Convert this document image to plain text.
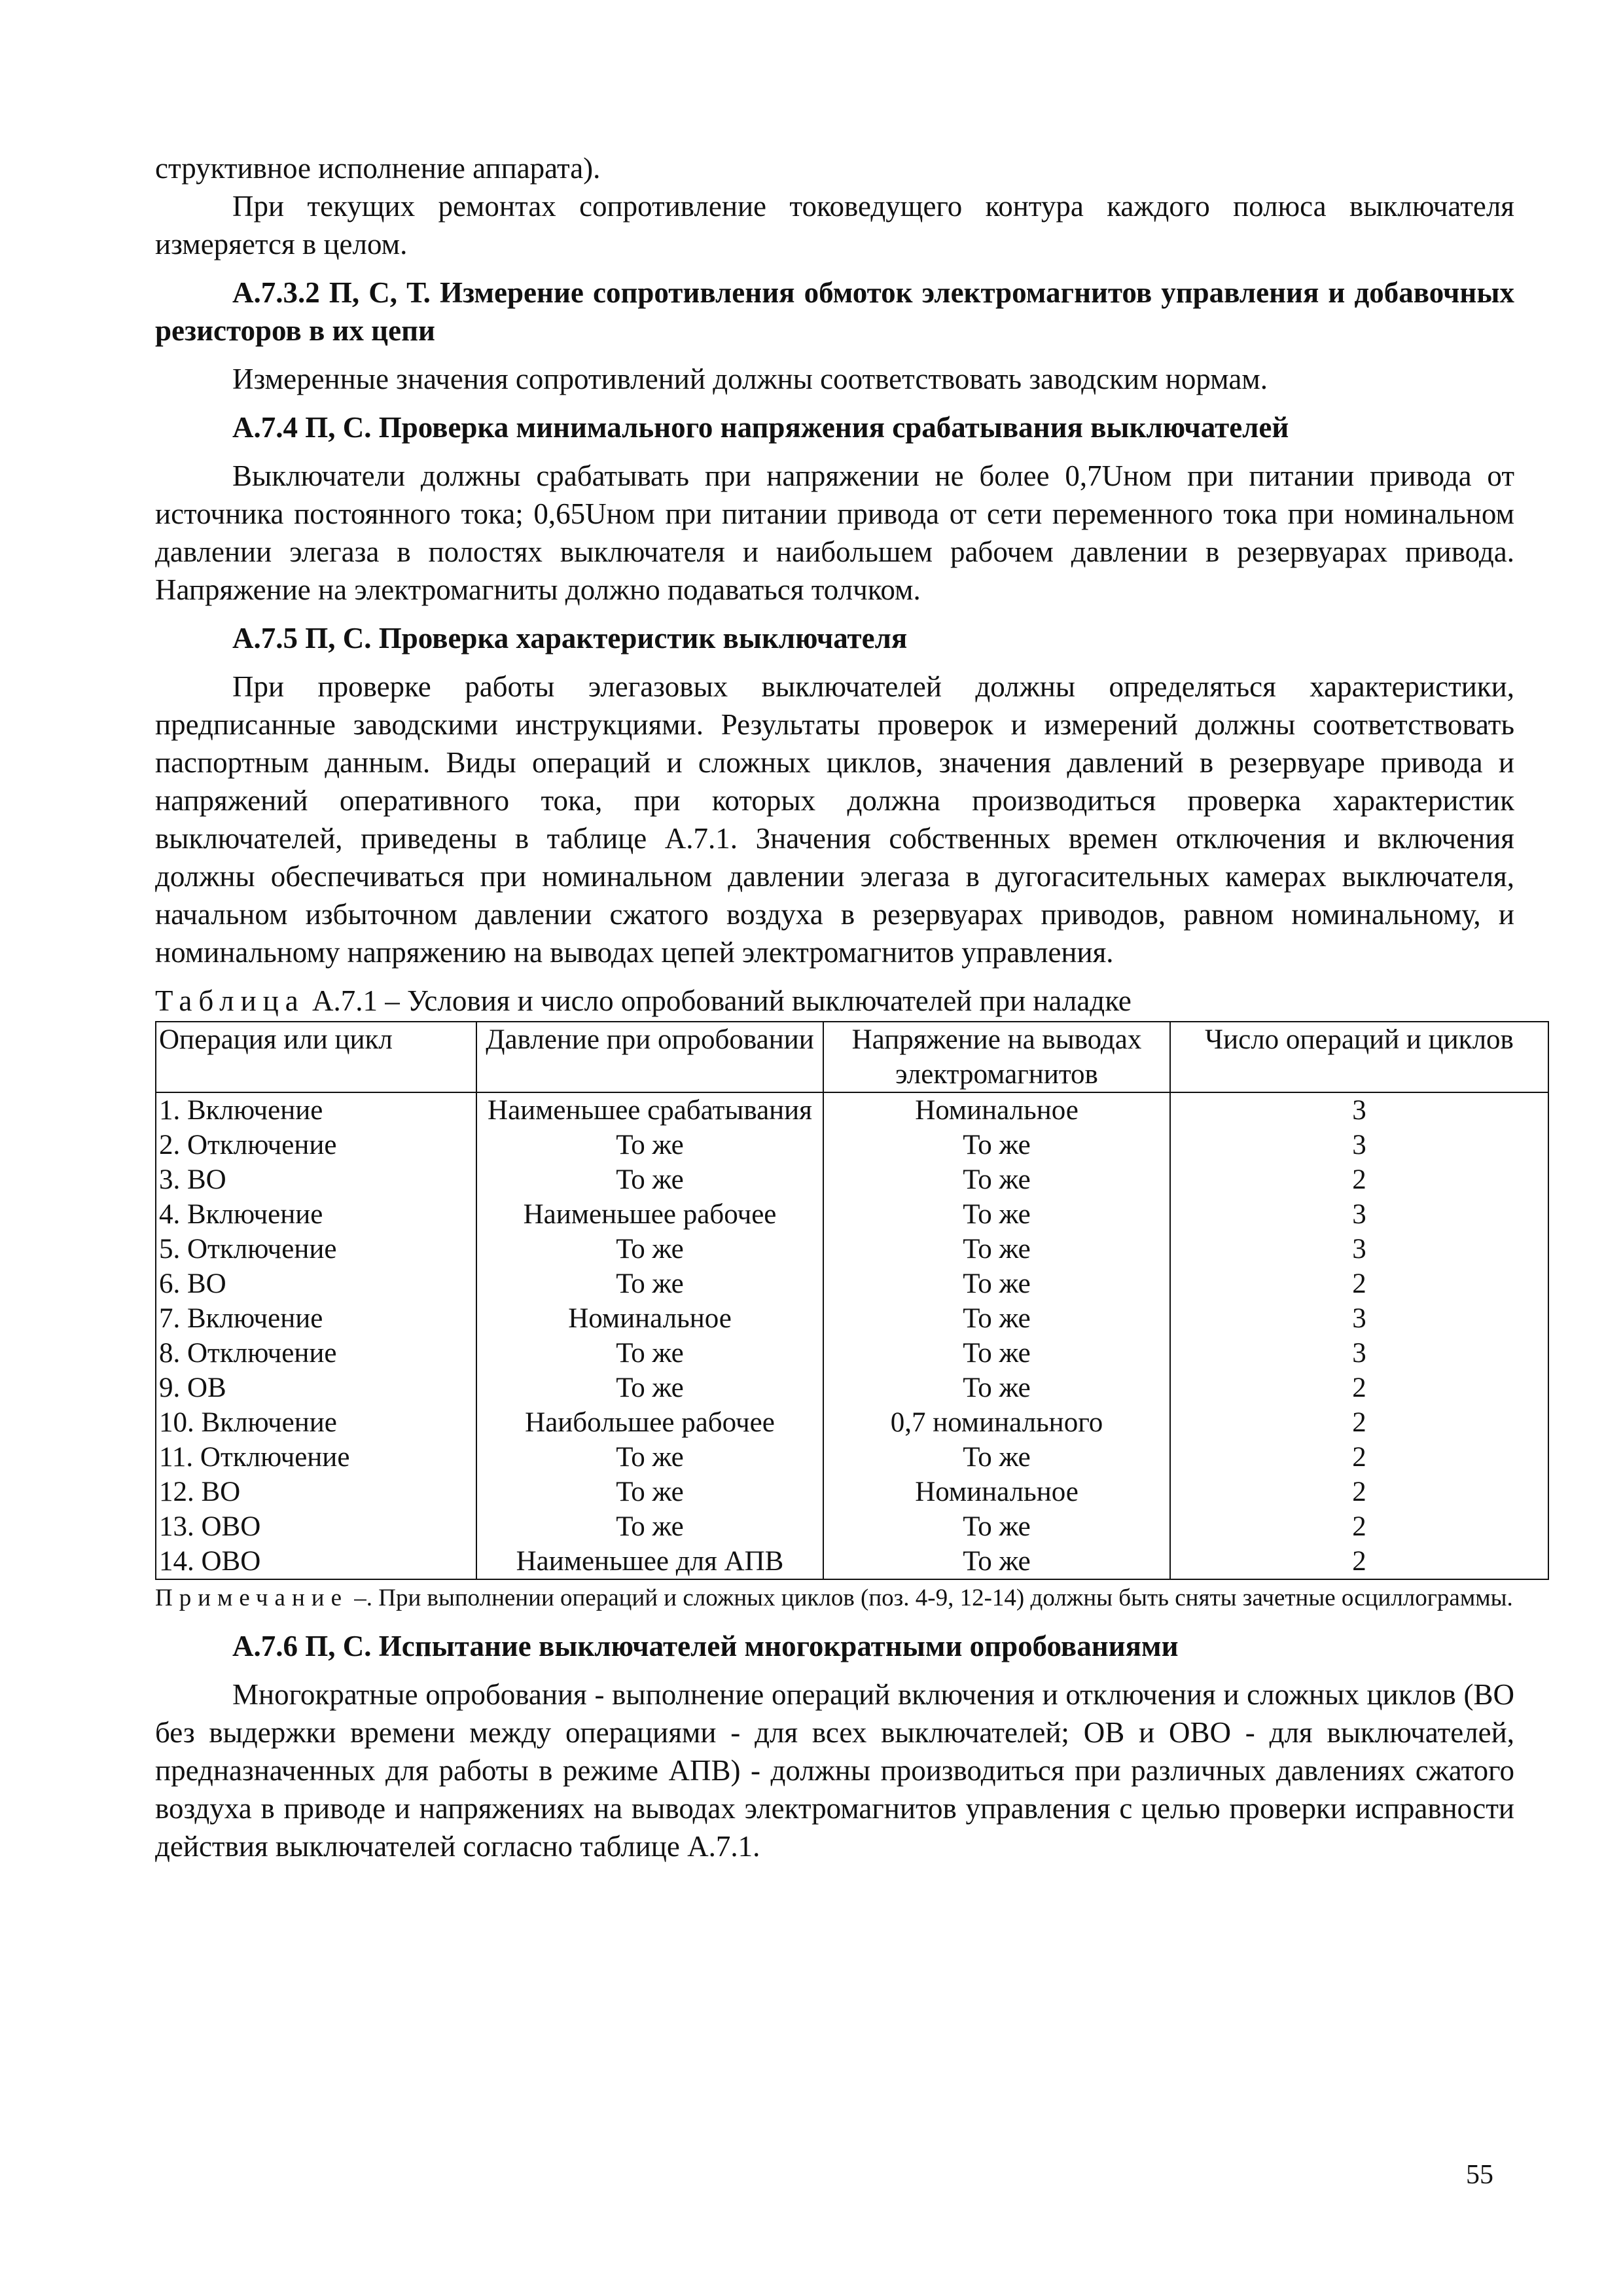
структивное исполнение аппарата).

При текущих ремонтах сопротивление токоведущего контура каждого полюса выключателя измеряется в целом.

А.7.3.2 П, С, Т. Измерение сопротивления обмоток электромагнитов управления и добавочных резисторов в их цепи

Измеренные значения сопротивлений должны соответствовать заводским нормам.

А.7.4 П, С. Проверка минимального напряжения срабатывания выключателей

Выключатели должны срабатывать при напряжении не более 0,7Uном при питании привода от источника постоянного тока; 0,65Uном при питании привода от сети переменного тока при номинальном давлении элегаза в полостях выключателя и наибольшем рабочем давлении в резервуарах привода. Напряжение на электромагниты должно подаваться толчком.

А.7.5 П, С. Проверка характеристик выключателя

При проверке работы элегазовых выключателей должны определяться характеристики, предписанные заводскими инструкциями. Результаты проверок и измерений должны соответствовать паспортным данным. Виды операций и сложных циклов, значения давлений в резервуаре привода и напряжений оперативного тока, при которых должна производиться проверка характеристик выключателей, приведены в таблице А.7.1. Значения собственных времен отключения и включения должны обеспечиваться при номинальном давлении элегаза в дугогасительных камерах выключателя, начальном избыточном давлении сжатого воздуха в резервуарах приводов, равном номинальному, и номинальному напряжению на выводах цепей электромагнитов управления.

Таблица А.7.1 – Условия и число опробований выключателей при наладке

Операция или цикл	Давление при опробовании	Напряжение на выводах электромагнитов	Число операций и циклов
1. Включение	Наименьшее срабатывания	Номинальное	3
2. Отключение	То же	То же	3
3. ВО	То же	То же	2
4. Включение	Наименьшее рабочее	То же	3
5. Отключение	То же	То же	3
6. ВО	То же	То же	2
7. Включение	Номинальное	То же	3
8. Отключение	То же	То же	3
9. ОВ	То же	То же	2
10. Включение	Наибольшее рабочее	0,7 номинального	2
11. Отключение	То же	То же	2
12. ВО	То же	Номинальное	2
13. ОВО	То же	То же	2
14. ОВО	Наименьшее для АПВ	То же	2

Примечание –. При выполнении операций и сложных циклов (поз. 4-9, 12-14) должны быть сняты зачетные осциллограммы.

А.7.6 П, С. Испытание выключателей многократными опробованиями

Многократные опробования - выполнение операций включения и отключения и сложных циклов (ВО без выдержки времени между операциями - для всех выключателей; ОВ и ОВО - для выключателей, предназначенных для работы в режиме АПВ) - должны производиться при различных давлениях сжатого воздуха в приводе и напряжениях на выводах электромагнитов управления с целью проверки исправности действия выключателей согласно таблице А.7.1.

55
